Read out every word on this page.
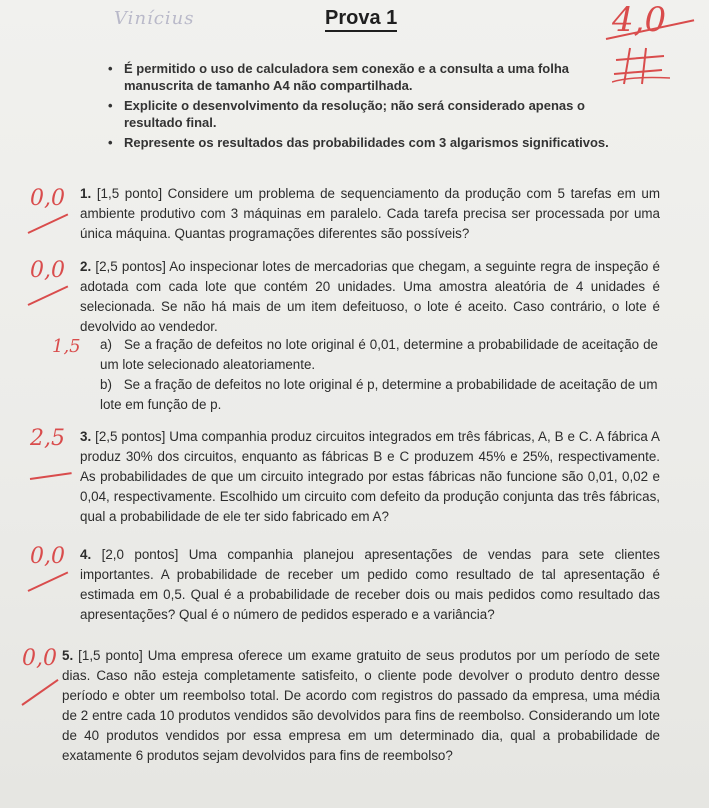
Vinícius	Prova 1	4,0
• É permitido o uso de calculadora sem conexão e a consulta a uma folha manuscrita de tamanho A4 não compartilhada.
• Explicite o desenvolvimento da resolução; não será considerado apenas o resultado final.
• Represente os resultados das probabilidades com 3 algarismos significativos.
0,0 1. [1,5 ponto] Considere um problema de sequenciamento da produção com 5 tarefas em um ambiente produtivo com 3 máquinas em paralelo. Cada tarefa precisa ser processada por uma única máquina. Quantas programações diferentes são possíveis?
0,0 2. [2,5 pontos] Ao inspecionar lotes de mercadorias que chegam, a seguinte regra de inspeção é adotada com cada lote que contém 20 unidades. Uma amostra aleatória de 4 unidades é selecionada. Se não há mais de um item defeituoso, o lote é aceito. Caso contrário, o lote é devolvido ao vendedor.
1,5 a) Se a fração de defeitos no lote original é 0,01, determine a probabilidade de aceitação de um lote selecionado aleatoriamente.
b) Se a fração de defeitos no lote original é p, determine a probabilidade de aceitação de um lote em função de p.
2,5 3. [2,5 pontos] Uma companhia produz circuitos integrados em três fábricas, A, B e C. A fábrica A produz 30% dos circuitos, enquanto as fábricas B e C produzem 45% e 25%, respectivamente. As probabilidades de que um circuito integrado por estas fábricas não funcione são 0,01, 0,02 e 0,04, respectivamente. Escolhido um circuito com defeito da produção conjunta das três fábricas, qual a probabilidade de ele ter sido fabricado em A?
0,0 4. [2,0 pontos] Uma companhia planejou apresentações de vendas para sete clientes importantes. A probabilidade de receber um pedido como resultado de tal apresentação é estimada em 0,5. Qual é a probabilidade de receber dois ou mais pedidos como resultado das apresentações? Qual é o número de pedidos esperado e a variância?
0,0 5. [1,5 ponto] Uma empresa oferece um exame gratuito de seus produtos por um período de sete dias. Caso não esteja completamente satisfeito, o cliente pode devolver o produto dentro desse período e obter um reembolso total. De acordo com registros do passado da empresa, uma média de 2 entre cada 10 produtos vendidos são devolvidos para fins de reembolso. Considerando um lote de 40 produtos vendidos por essa empresa em um determinado dia, qual a probabilidade de exatamente 6 produtos sejam devolvidos para fins de reembolso?
